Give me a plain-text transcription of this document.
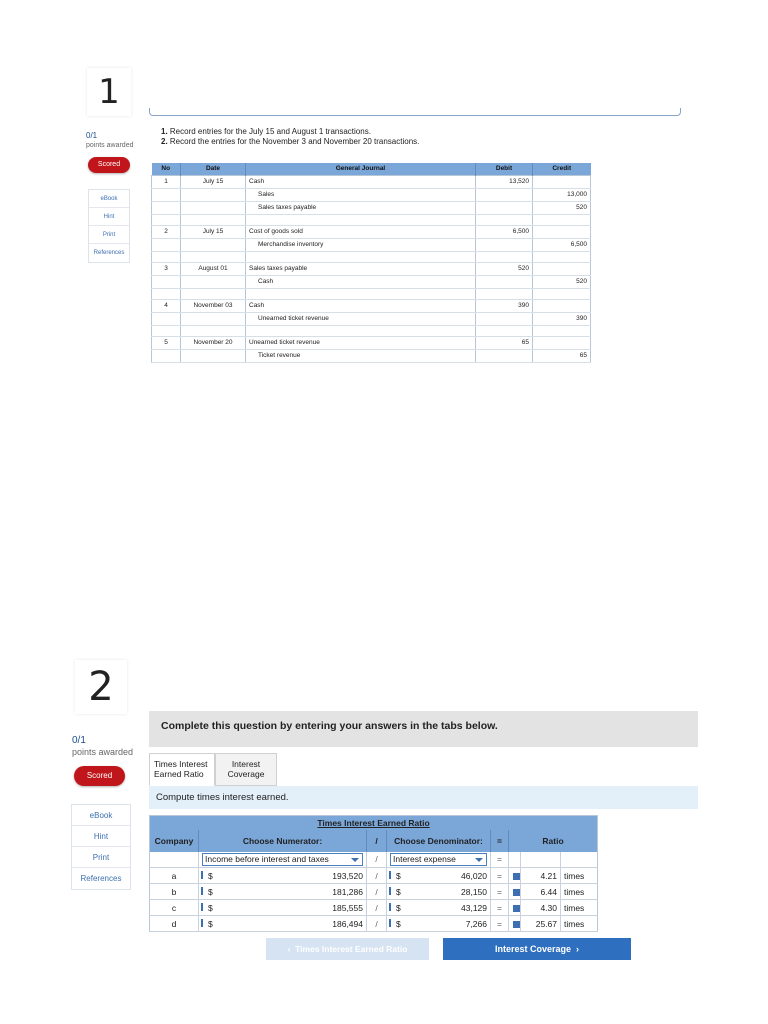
1
0/1
points awarded
Scored
eBook
Hint
Print
References
1. Record entries for the July 15 and August 1 transactions.
2. Record the entries for the November 3 and November 20 transactions.
No	Date	General Journal	Debit	Credit
1	July 15	Cash	13,520	
		Sales		13,000
		Sales taxes payable		520

2	July 15	Cost of goods sold	6,500	
		Merchandise inventory		6,500

3	August 01	Sales taxes payable	520	
		Cash		520

4	November 03	Cash	390	
		Unearned ticket revenue		390

5	November 20	Unearned ticket revenue	65	
		Ticket revenue		65
2
0/1
points awarded
Scored
eBook
Hint
Print
References
Complete this question by entering your answers in the tabs below.
Times Interest Earned Ratio
Interest Coverage
Compute times interest earned.
Times Interest Earned Ratio							
Company	Choose Numerator:	/	Choose Denominator:	=	Ratio		

	Income before interest and taxes	/	Interest expense	=			
a	$ 193,520	/	$ 46,020	=		4.21	times
b	$ 181,286	/	$ 28,150	=		6.44	times
c	$ 185,555	/	$ 43,129	=		4.30	times
d	$ 186,494	/	$ 7,266	=		25.67	times
‹ Times Interest Earned Ratio	Interest Coverage ›
